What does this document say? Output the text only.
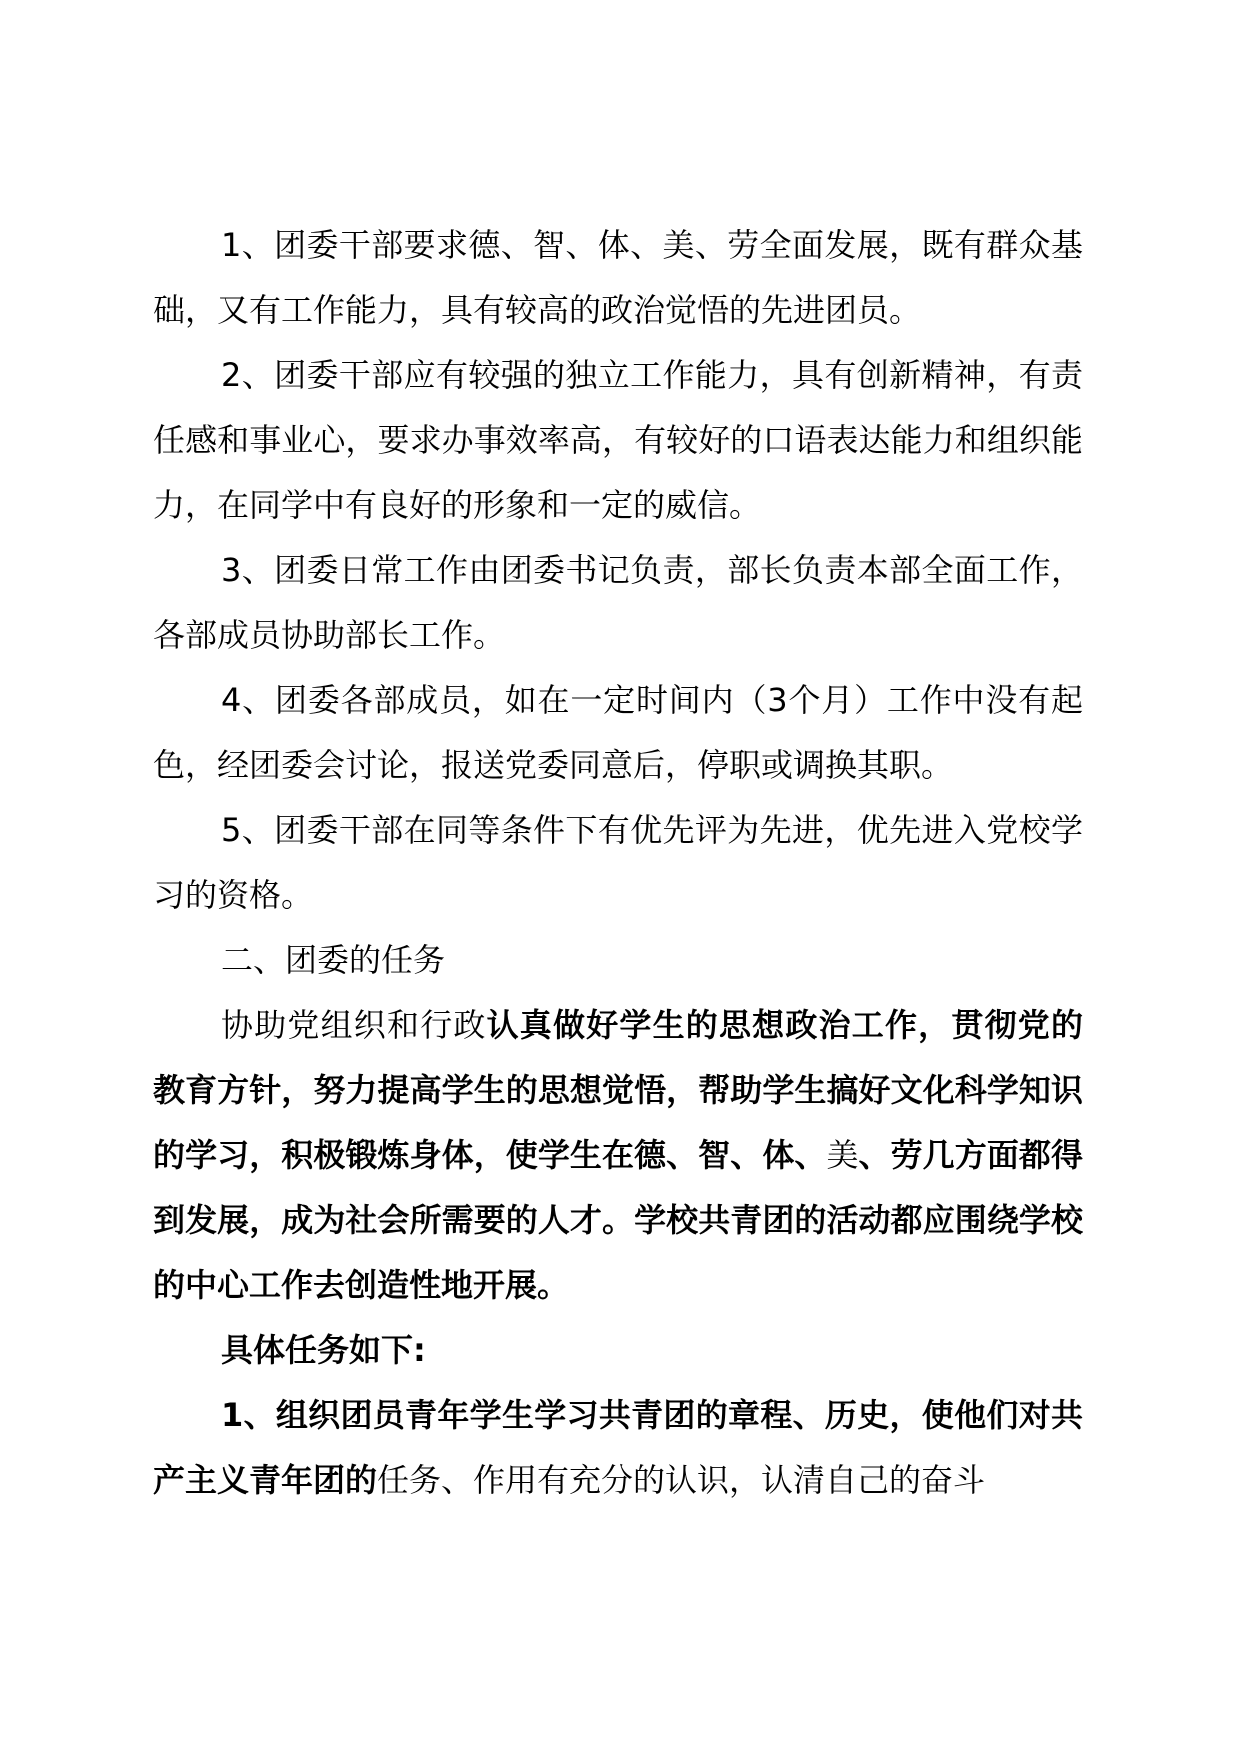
1、团委干部要求德、智、体、美、劳全面发展，既有群众基础，又有工作能力，具有较高的政治觉悟的先进团员。

2、团委干部应有较强的独立工作能力，具有创新精神，有责任感和事业心，要求办事效率高，有较好的口语表达能力和组织能力，在同学中有良好的形象和一定的威信。

3、团委日常工作由团委书记负责，部长负责本部全面工作，各部成员协助部长工作。

4、团委各部成员，如在一定时间内（3个月）工作中没有起色，经团委会讨论，报送党委同意后，停职或调换其职。

5、团委干部在同等条件下有优先评为先进，优先进入党校学习的资格。

二、团委的任务

协助党组织和行政认真做好学生的思想政治工作，贯彻党的教育方针，努力提高学生的思想觉悟，帮助学生搞好文化科学知识的学习，积极锻炼身体，使学生在德、智、体、美、劳几方面都得到发展，成为社会所需要的人才。学校共青团的活动都应围绕学校的中心工作去创造性地开展。

具体任务如下:

1、组织团员青年学生学习共青团的章程、历史，使他们对共产主义青年团的任务、作用有充分的认识，认清自己的奋斗
